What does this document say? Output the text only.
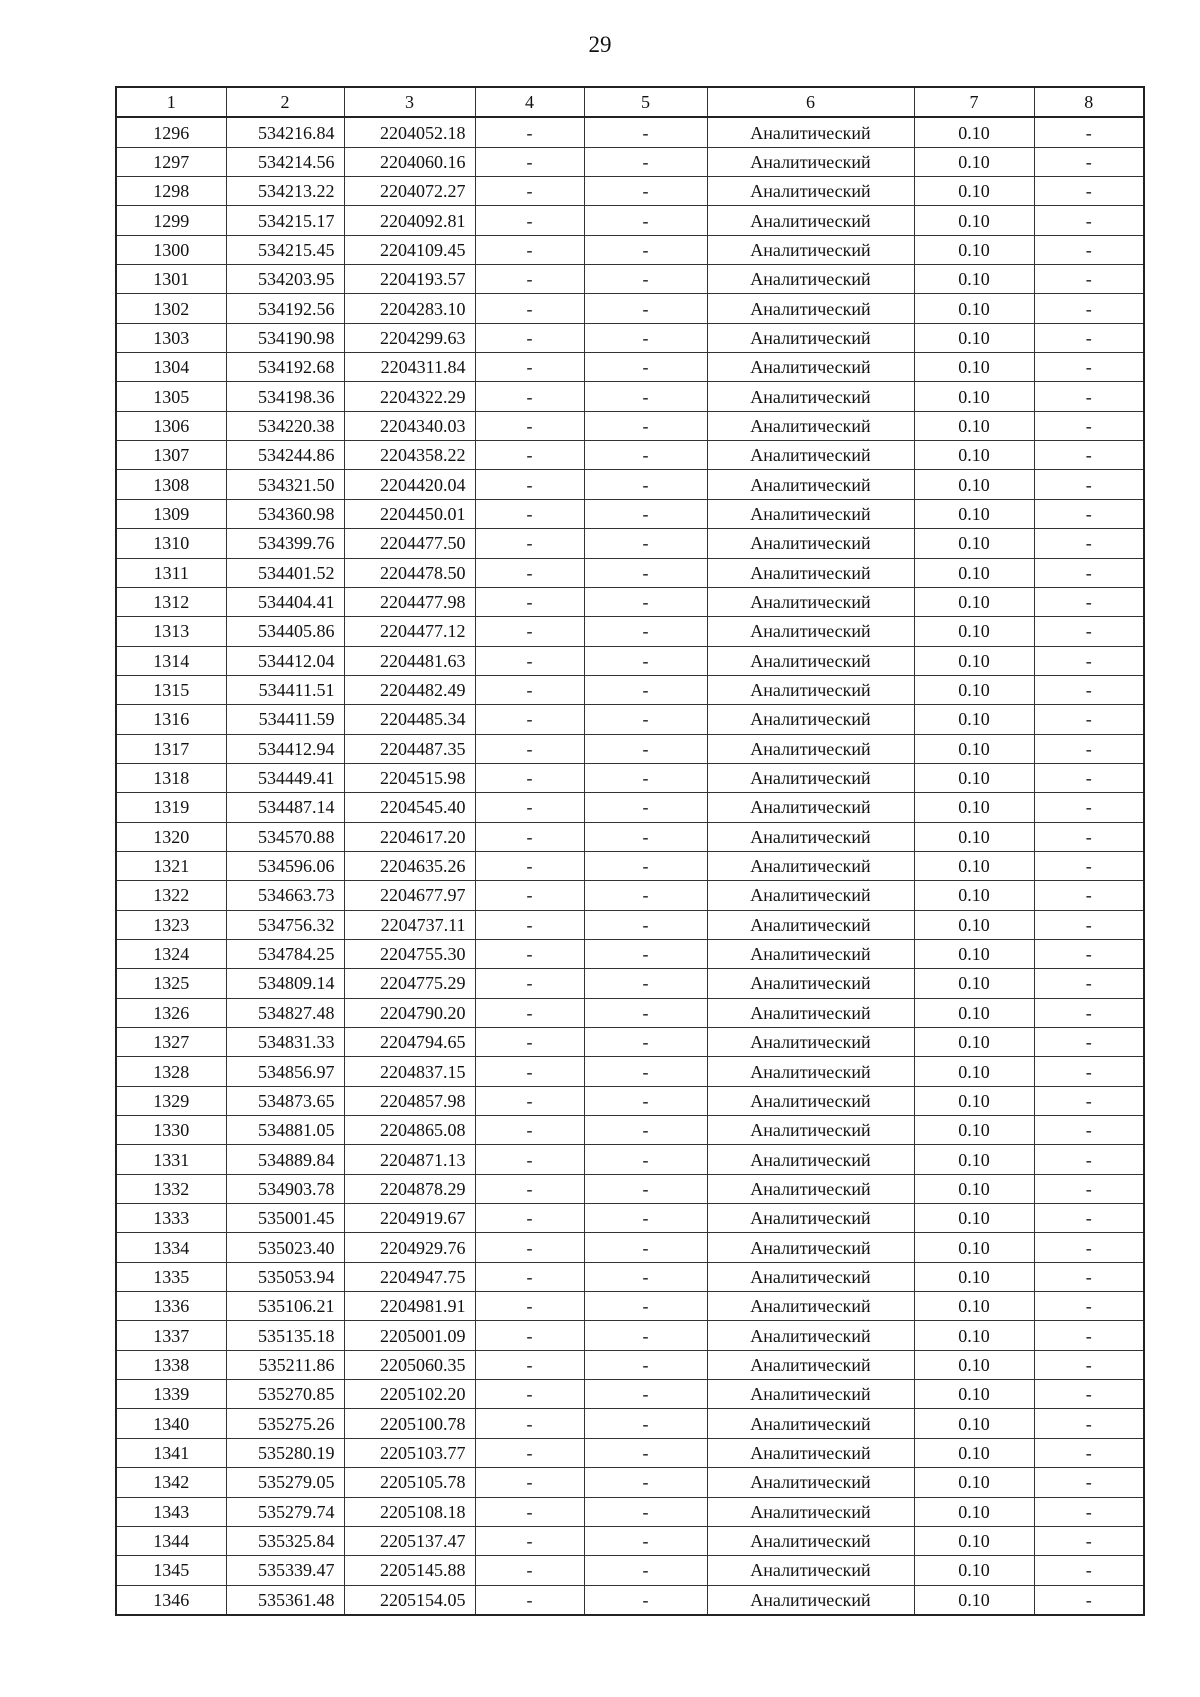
29
1	2	3	4	5	6	7	8
1296	534216.84	2204052.18	-	-	Аналитический	0.10	-
1297	534214.56	2204060.16	-	-	Аналитический	0.10	-
1298	534213.22	2204072.27	-	-	Аналитический	0.10	-
1299	534215.17	2204092.81	-	-	Аналитический	0.10	-
1300	534215.45	2204109.45	-	-	Аналитический	0.10	-
1301	534203.95	2204193.57	-	-	Аналитический	0.10	-
1302	534192.56	2204283.10	-	-	Аналитический	0.10	-
1303	534190.98	2204299.63	-	-	Аналитический	0.10	-
1304	534192.68	2204311.84	-	-	Аналитический	0.10	-
1305	534198.36	2204322.29	-	-	Аналитический	0.10	-
1306	534220.38	2204340.03	-	-	Аналитический	0.10	-
1307	534244.86	2204358.22	-	-	Аналитический	0.10	-
1308	534321.50	2204420.04	-	-	Аналитический	0.10	-
1309	534360.98	2204450.01	-	-	Аналитический	0.10	-
1310	534399.76	2204477.50	-	-	Аналитический	0.10	-
1311	534401.52	2204478.50	-	-	Аналитический	0.10	-
1312	534404.41	2204477.98	-	-	Аналитический	0.10	-
1313	534405.86	2204477.12	-	-	Аналитический	0.10	-
1314	534412.04	2204481.63	-	-	Аналитический	0.10	-
1315	534411.51	2204482.49	-	-	Аналитический	0.10	-
1316	534411.59	2204485.34	-	-	Аналитический	0.10	-
1317	534412.94	2204487.35	-	-	Аналитический	0.10	-
1318	534449.41	2204515.98	-	-	Аналитический	0.10	-
1319	534487.14	2204545.40	-	-	Аналитический	0.10	-
1320	534570.88	2204617.20	-	-	Аналитический	0.10	-
1321	534596.06	2204635.26	-	-	Аналитический	0.10	-
1322	534663.73	2204677.97	-	-	Аналитический	0.10	-
1323	534756.32	2204737.11	-	-	Аналитический	0.10	-
1324	534784.25	2204755.30	-	-	Аналитический	0.10	-
1325	534809.14	2204775.29	-	-	Аналитический	0.10	-
1326	534827.48	2204790.20	-	-	Аналитический	0.10	-
1327	534831.33	2204794.65	-	-	Аналитический	0.10	-
1328	534856.97	2204837.15	-	-	Аналитический	0.10	-
1329	534873.65	2204857.98	-	-	Аналитический	0.10	-
1330	534881.05	2204865.08	-	-	Аналитический	0.10	-
1331	534889.84	2204871.13	-	-	Аналитический	0.10	-
1332	534903.78	2204878.29	-	-	Аналитический	0.10	-
1333	535001.45	2204919.67	-	-	Аналитический	0.10	-
1334	535023.40	2204929.76	-	-	Аналитический	0.10	-
1335	535053.94	2204947.75	-	-	Аналитический	0.10	-
1336	535106.21	2204981.91	-	-	Аналитический	0.10	-
1337	535135.18	2205001.09	-	-	Аналитический	0.10	-
1338	535211.86	2205060.35	-	-	Аналитический	0.10	-
1339	535270.85	2205102.20	-	-	Аналитический	0.10	-
1340	535275.26	2205100.78	-	-	Аналитический	0.10	-
1341	535280.19	2205103.77	-	-	Аналитический	0.10	-
1342	535279.05	2205105.78	-	-	Аналитический	0.10	-
1343	535279.74	2205108.18	-	-	Аналитический	0.10	-
1344	535325.84	2205137.47	-	-	Аналитический	0.10	-
1345	535339.47	2205145.88	-	-	Аналитический	0.10	-
1346	535361.48	2205154.05	-	-	Аналитический	0.10	-
